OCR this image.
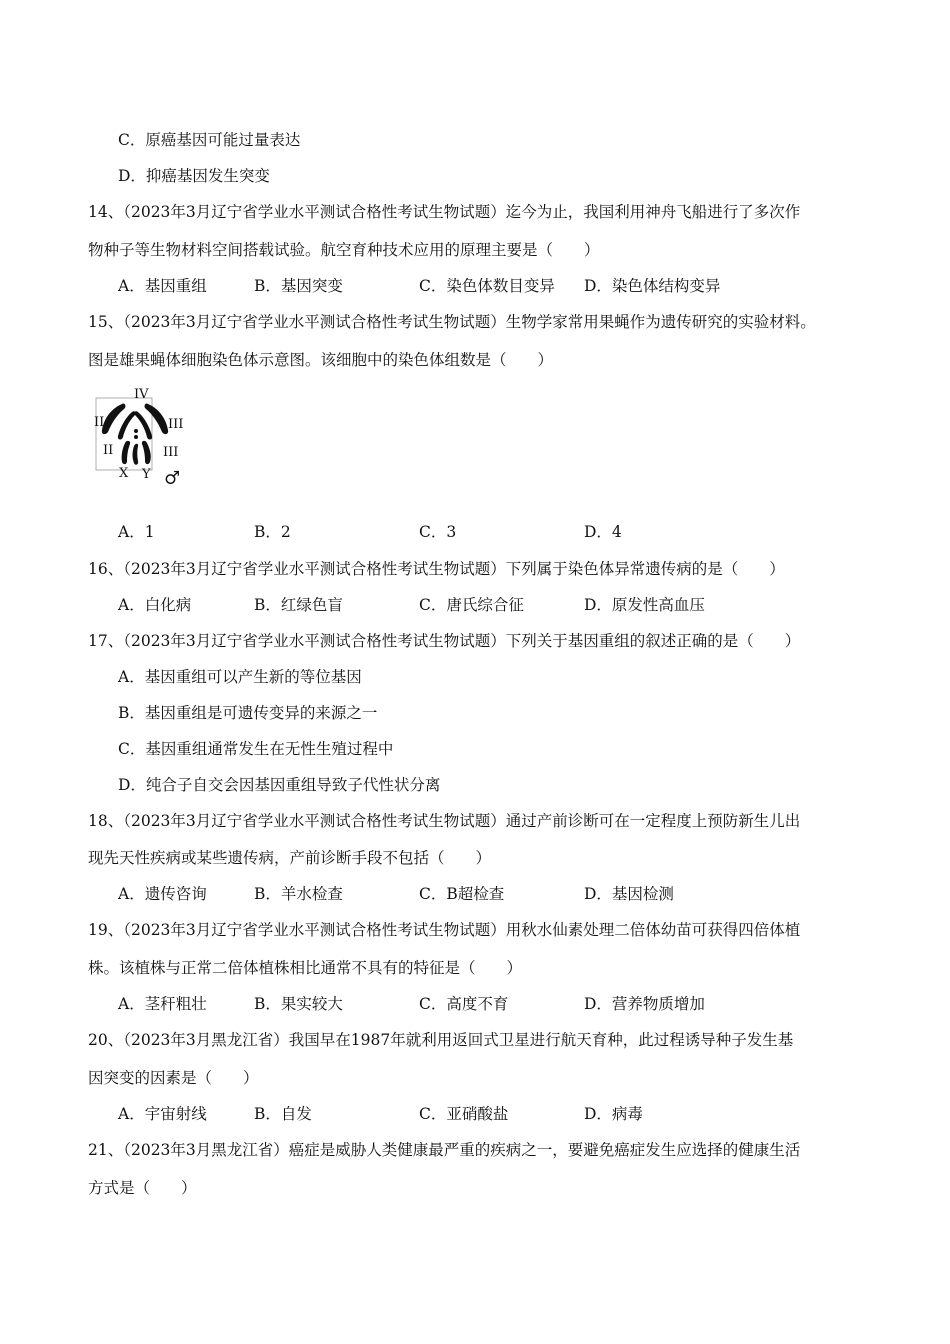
C．原癌基因可能过量表达
D．抑癌基因发生突变
14、（2023年3月辽宁省学业水平测试合格性考试生物试题）迄今为止，我国利用神舟飞船进行了多次作
物种子等生物材料空间搭载试验。航空育种技术应用的原理主要是（　　）
A．基因重组	B．基因突变	C．染色体数目变异 D．染色体结构变异
15、（2023年3月辽宁省学业水平测试合格性考试生物试题）生物学家常用果蝇作为遗传研究的实验材料。
图是雄果蝇体细胞染色体示意图。该细胞中的染色体组数是（　　）
IV
II	III
II	III
X Y ♂
A．1	B．2	C．3	D．4
16、（2023年3月辽宁省学业水平测试合格性考试生物试题）下列属于染色体异常遗传病的是（　　）
A．白化病	B．红绿色盲	C．唐氏综合征	D．原发性高血压
17、（2023年3月辽宁省学业水平测试合格性考试生物试题）下列关于基因重组的叙述正确的是（　　）
A．基因重组可以产生新的等位基因
B．基因重组是可遗传变异的来源之一
C．基因重组通常发生在无性生殖过程中
D．纯合子自交会因基因重组导致子代性状分离
18、（2023年3月辽宁省学业水平测试合格性考试生物试题）通过产前诊断可在一定程度上预防新生儿出
现先天性疾病或某些遗传病，产前诊断手段不包括（　　）
A．遗传咨询	B．羊水检查	C．B超检查	D．基因检测
19、（2023年3月辽宁省学业水平测试合格性考试生物试题）用秋水仙素处理二倍体幼苗可获得四倍体植
株。该植株与正常二倍体植株相比通常不具有的特征是（　　）
A．茎秆粗壮	B．果实较大	C．高度不育	D．营养物质增加
20、（2023年3月黑龙江省）我国早在1987年就利用返回式卫星进行航天育种，此过程诱导种子发生基
因突变的因素是（　　）
A．宇宙射线	B．自发	C．亚硝酸盐	D．病毒
21、（2023年3月黑龙江省）癌症是威胁人类健康最严重的疾病之一，要避免癌症发生应选择的健康生活
方式是（　　）
